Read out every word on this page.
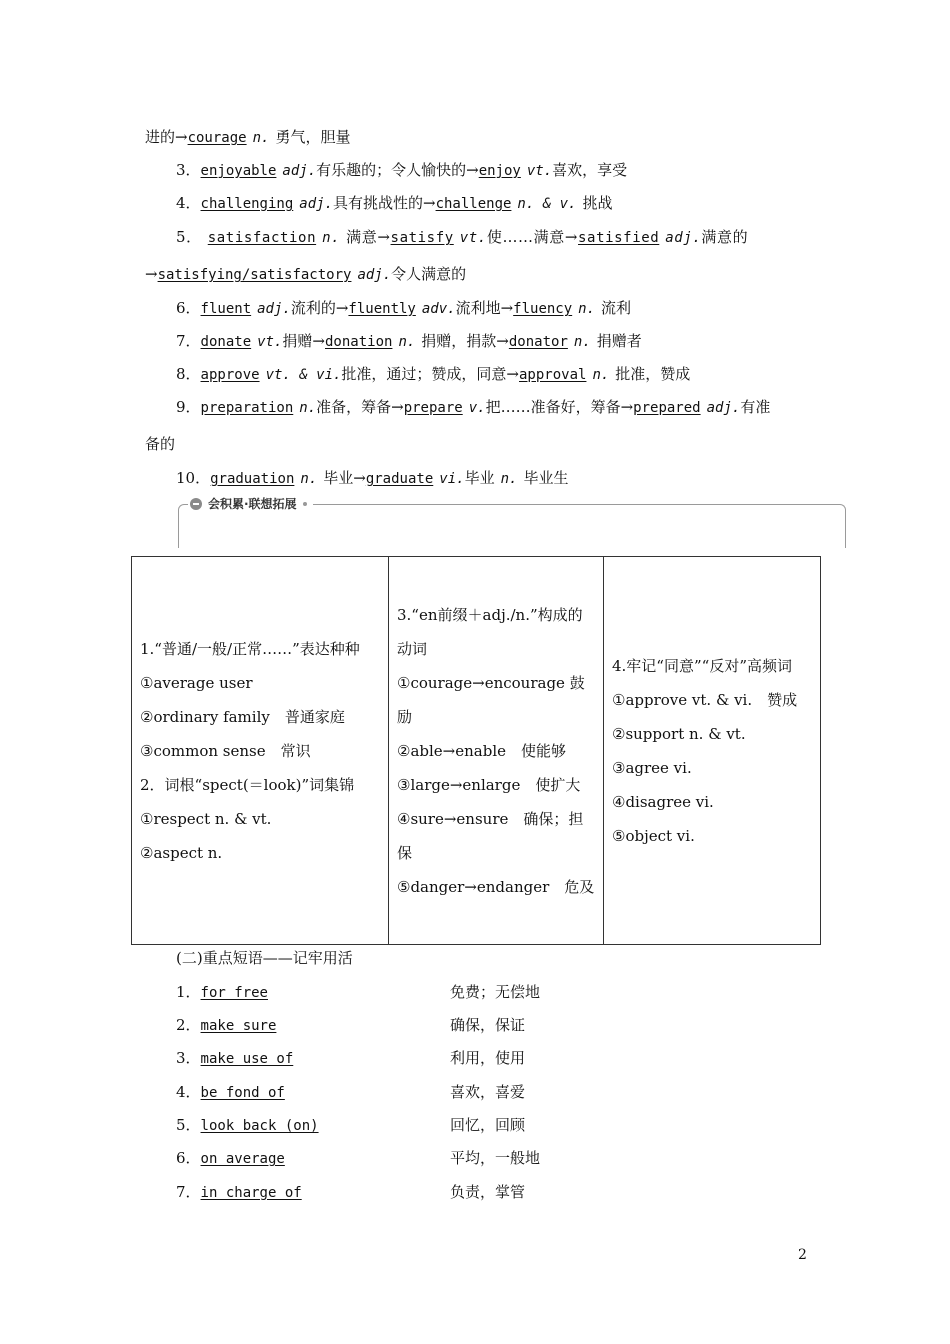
进的→courage n. 勇气，胆量
3．enjoyable adj.有乐趣的；令人愉快的→enjoy vt.喜欢，享受
4．challenging adj.具有挑战性的→challenge n. & v. 挑战
5． satisfaction n. 满意→satisfy vt.使……满意→satisfied adj.满意的
→satisfying/satisfactory adj.令人满意的
6．fluent adj.流利的→fluently adv.流利地→fluency n. 流利
7．donate vt.捐赠→donation n. 捐赠，捐款→donator n. 捐赠者
8．approve vt. & vi.批准，通过；赞成，同意→approval n. 批准，赞成
9．preparation n.准备，筹备→prepare v.把……准备好，筹备→prepared adj.有准
备的
10．graduation n. 毕业→graduate vi.毕业 n. 毕业生
会积累·联想拓展

1.“普通/一般/正常……”表达种种

①average user

②ordinary family　普通家庭

③common sense　常识

2．词根“spect(＝look)”词集锦

①respect n. & vt.

②aspect n.

3.“en前缀＋adj./n.”构成的动词

①courage→encourage 鼓励

②able→enable　使能够

③large→enlarge　使扩大

④sure→ensure　确保；担保

⑤danger→endanger　危及

4.牢记“同意”“反对”高频词

①approve vt. & vi.　赞成

②support n. & vt.

③agree vi.

④disagree vi.

⑤object vi.

(二)重点短语——记牢用活
1．for free	免费；无偿地
2．make sure	确保，保证
3．make use of	利用，使用
4．be fond of	喜欢，喜爱
5．look back (on)	回忆，回顾
6．on average	平均，一般地
7．in charge of	负责，掌管
2
